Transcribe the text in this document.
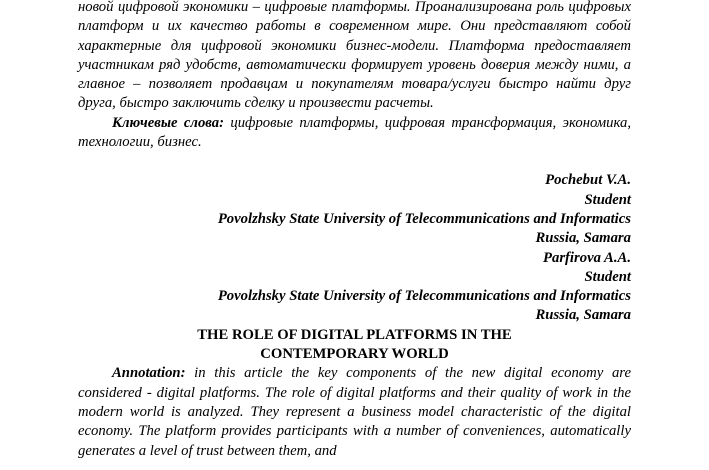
новой цифровой экономики – цифровые платформы. Проанализирована роль цифровых платформ и их качество работы в современном мире. Они представляют собой характерные для цифровой экономики бизнес-модели. Платформа предоставляет участникам ряд удобств, автоматически формирует уровень доверия между ними, а главное – позволяет продавцам и покупателям товара/услуги быстро найти друг друга, быстро заключить сделку и произвести расчеты.

Ключевые слова: цифровые платформы, цифровая трансформация, экономика, технологии, бизнес.

Pochebut V.A.
Student
Povolzhsky State University of Telecommunications and Informatics
Russia, Samara
Parfirova A.A.
Student
Povolzhsky State University of Telecommunications and Informatics
Russia, Samara
THE ROLE OF DIGITAL PLATFORMS IN THE
CONTEMPORARY WORLD

Annotation: in this article the key components of the new digital economy are considered - digital platforms. The role of digital platforms and their quality of work in the modern world is analyzed. They represent a business model characteristic of the digital economy. The platform provides participants with a number of conveniences, automatically generates a level of trust between them, and
